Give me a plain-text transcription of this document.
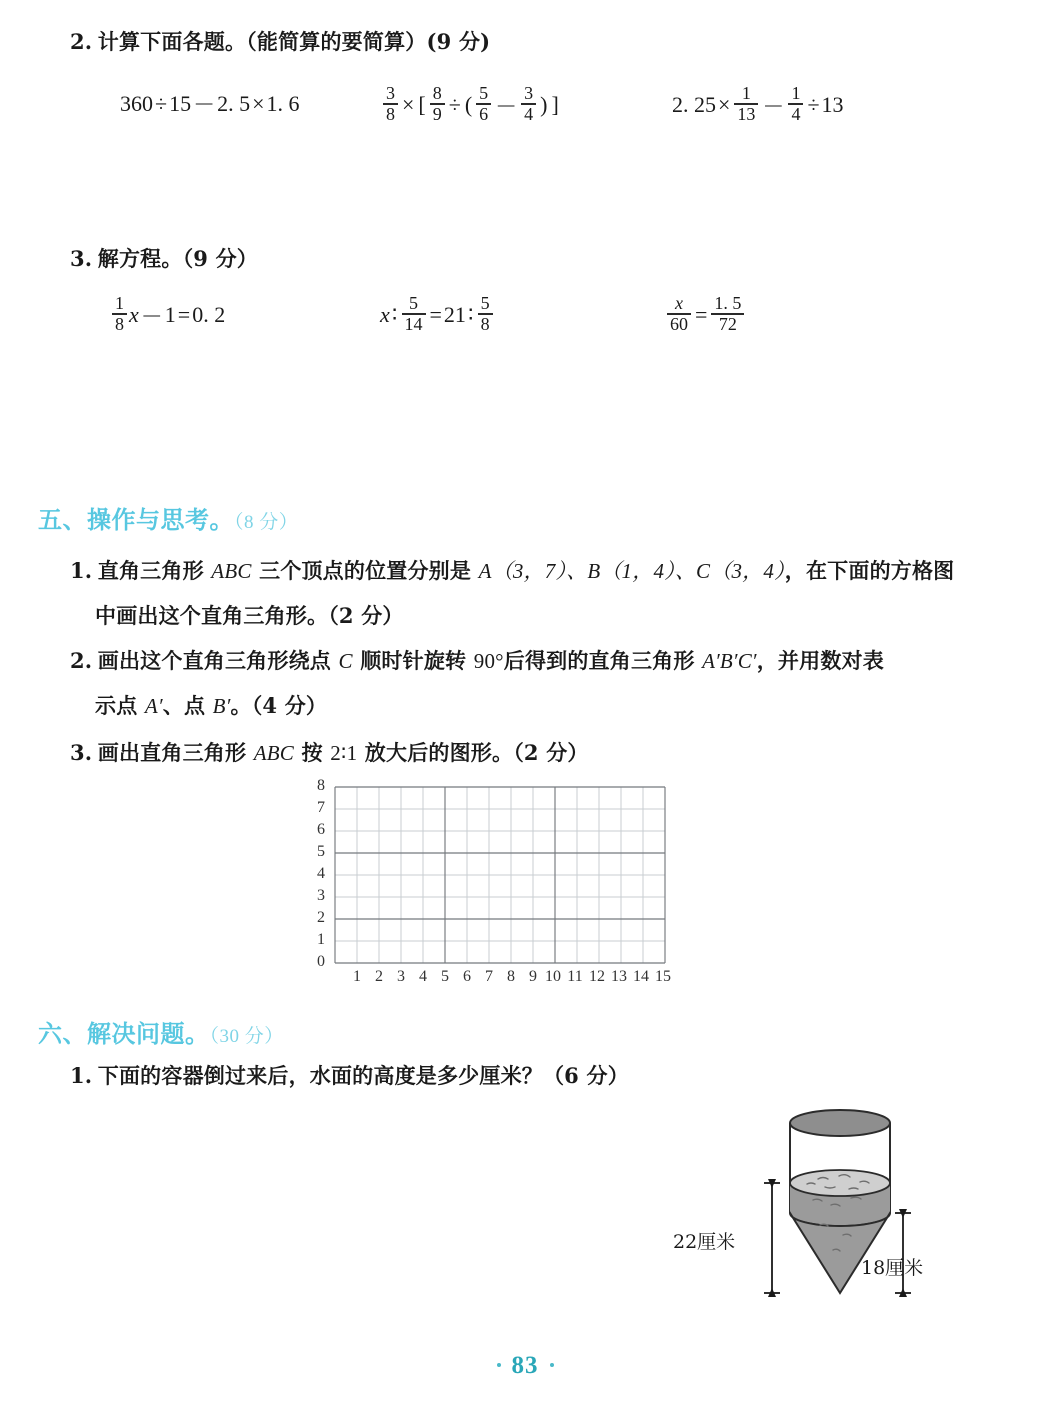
2. 计算下面各题。（能简算的要简算）(9 分)
360 ÷ 15 － 2. 5 × 1. 6	$\frac{3}{8}$ × [ $\frac{8}{9}$ ÷ ( $\frac{5}{6} - \frac{3}{4}$ ) ]	2. $25 \times \frac{1}{13} - \frac{1}{4} \div 13$
3. 解方程。（9 分）
$\frac{1}{8}$ x － 1 = 0. 2	x ∶ $\frac{5}{14} = 21$ ∶ $\frac{5}{8}$	$\frac{x}{60} = \frac{1. 5}{72}$
五、操作与思考。（8 分）
1. 直角三角形 ABC 三个顶点的位置分别是 A（3，7）、B（1，4）、C（3，4），在下面的方格图
中画出这个直角三角形。（2 分）
2. 画出这个直角三角形绕点 C 顺时针旋转 90°后得到的直角三角形 A′B′C′，并用数对表
示点 A′、点 B′。（4 分）
3. 画出直角三角形 ABC 按 2∶1 放大后的图形。（2 分）
8
7
6
5
4
3
2
1
0
1 2 3 4 5 6 7 8 9 10 11 12 13 14 15
六、解决问题。（30 分）
1. 下面的容器倒过来后，水面的高度是多少厘米？（6 分）
22厘米
18厘米
83
